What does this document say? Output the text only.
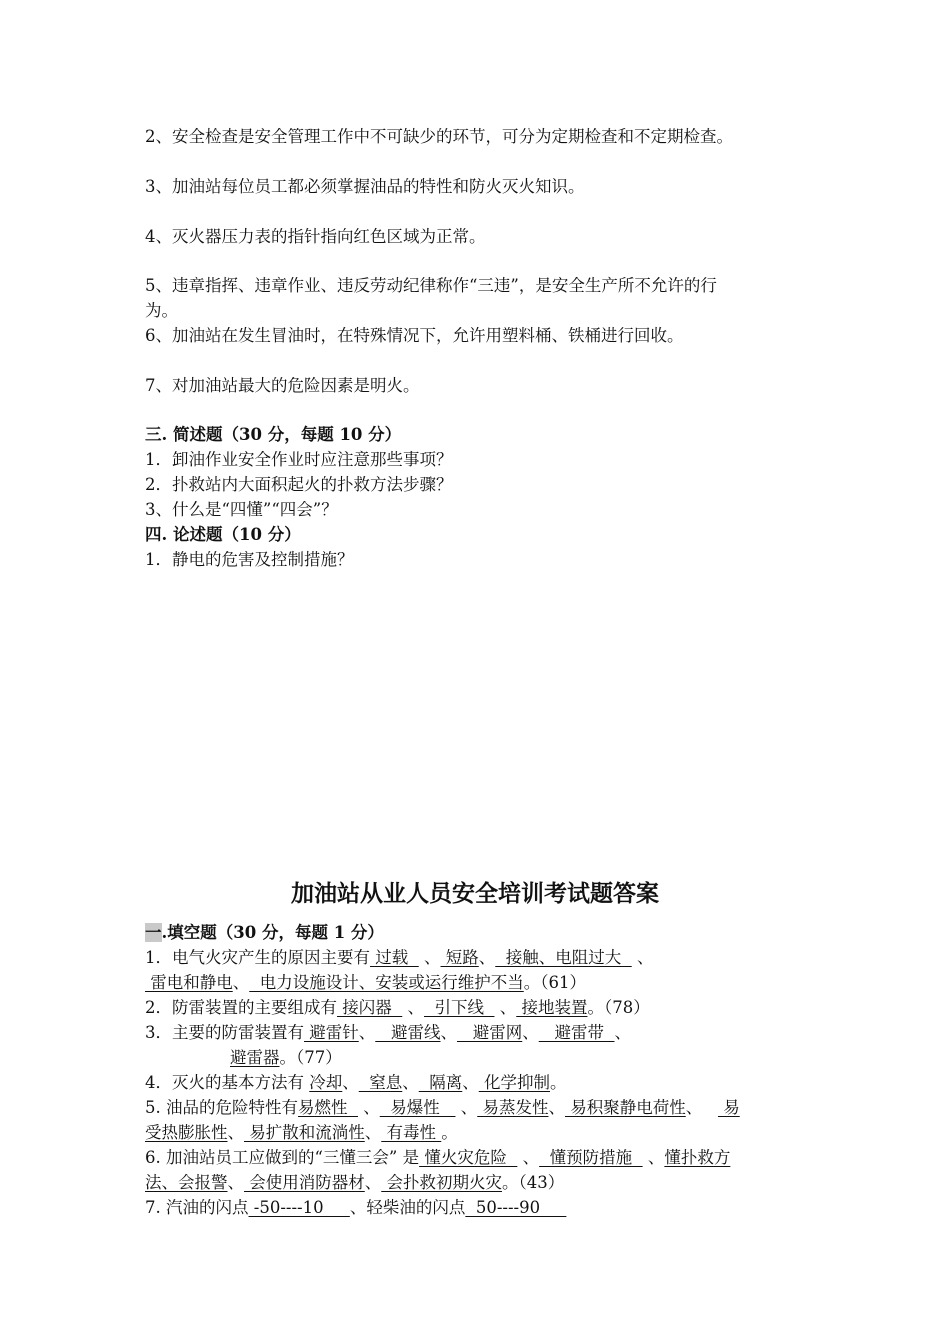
2、安全检查是安全管理工作中不可缺少的环节，可分为定期检查和不定期检查。
3、加油站每位员工都必须掌握油品的特性和防火灭火知识。
4、灭火器压力表的指针指向红色区域为正常。
5、违章指挥、违章作业、违反劳动纪律称作“三违”，是安全生产所不允许的行
为。
6、加油站在发生冒油时，在特殊情况下，允许用塑料桶、铁桶进行回收。
7、对加油站最大的危险因素是明火。
三. 简述题（30 分，每题 10 分）
1．卸油作业安全作业时应注意那些事项？
2．扑救站内大面积起火的扑救方法步骤？
3、什么是“四懂”“四会”？
四. 论述题（10 分）
1．静电的危害及控制措施？
加油站从业人员安全培训考试题答案
一.填空题（30 分，每题 1 分）
1．电气火灾产生的原因主要有 过载   、 短路、  接触、电阻过大   、
雷电和静电、  电力设施设计、安装或运行维护不当。（61）
2．防雷装置的主要组成有 接闪器   、  引下线   、 接地装置。（78）
3．主要的防雷装置有 避雷针、   避雷线、   避雷网、   避雷带  、
避雷器。（77）
4．灭火的基本方法有 冷却、  窒息、  隔离、 化学抑制。
5. 油品的危险特性有易燃性   、  易爆性    、 易蒸发性、 易积聚静电荷性、    易
受热膨胀性、 易扩散和流淌性、 有毒性 。
6. 加油站员工应做到的“三懂三会” 是 懂火灾危险   、  懂预防措施   、懂扑救方
法、会报警、 会使用消防器材、 会扑救初期火灾。（43）
7. 汽油的闪点 -50----10     、轻柴油的闪点  50----90
